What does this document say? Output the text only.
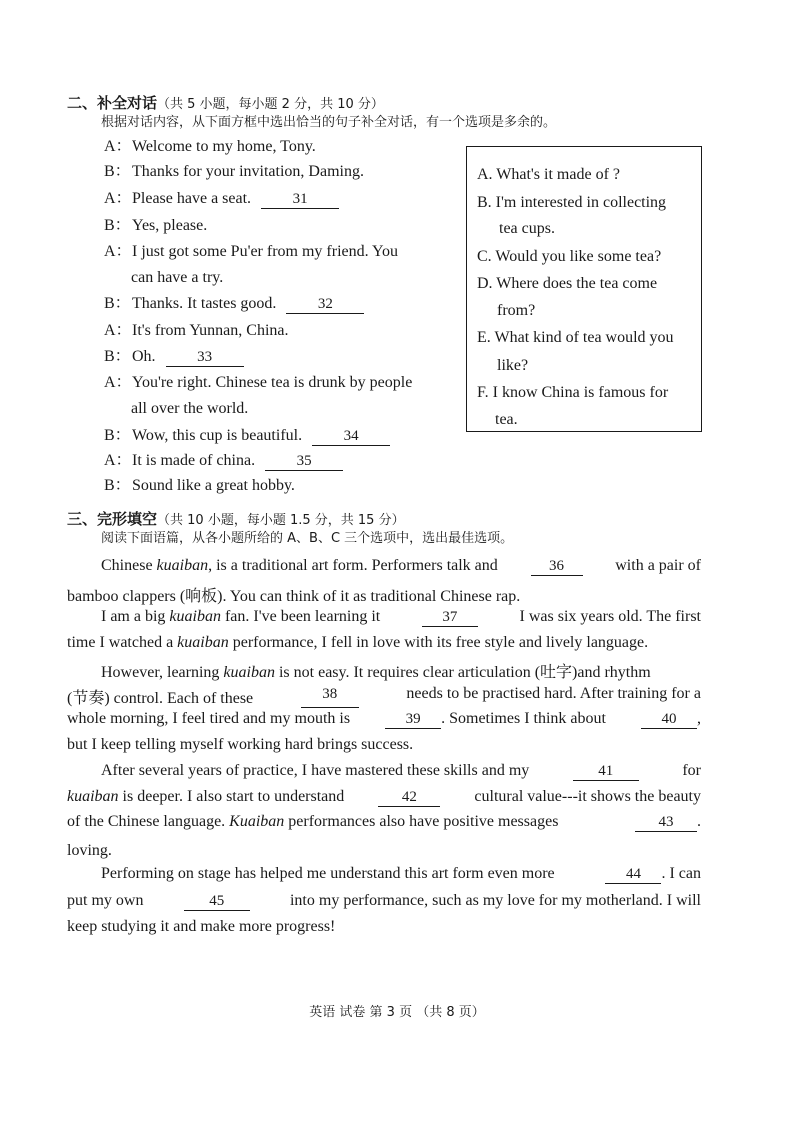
二、补全对话（共 5 小题，每小题 2 分，共 10 分）
根据对话内容，从下面方框中选出恰当的句子补全对话，有一个选项是多余的。
A：Welcome to my home, Tony.
B：Thanks for your invitation, Daming.
A：Please have a seat.	31
B：Yes, please.
A：I just got some Pu'er from my friend. You
can have a try.
B：Thanks. It tastes good.	32
A：It's from Yunnan, China.
B：Oh.	33
A：You're right. Chinese tea is drunk by people
all over the world.
B：Wow, this cup is beautiful.	34
A：It is made of china.	35
B：Sound like a great hobby.
A. What's it made of ?
B. I'm interested in collecting
tea cups.
C. Would you like some tea?
D. Where does the tea come
from?
E. What kind of tea would you
like?
F. I know China is famous for
tea.
三、完形填空（共 10 小题，每小题 1.5 分，共 15 分）
阅读下面语篇，从各小题所给的 A、B、C 三个选项中，选出最佳选项。
Chinese kuaiban, is a traditional art form. Performers talk and	36	with a pair of
bamboo clappers (响板). You can think of it as traditional Chinese rap.
I am a big kuaiban fan. I've been learning it	37	I was six years old. The first
time I watched a kuaiban performance, I fell in love with its free style and lively language.
However, learning kuaiban is not easy. It requires clear articulation (吐字)and rhythm
(节奏) control. Each of these	38	needs to be practised hard. After training for a
whole morning, I feel tired and my mouth is	39 . Sometimes I think about	40 ,
but I keep telling myself working hard brings success.
After several years of practice, I have mastered these skills and my	41	for
kuaiban is deeper. I also start to understand	42	cultural value---it shows the beauty
of the Chinese language. Kuaiban performances also have positive messages	43 .
loving.
Performing on stage has helped me understand this art form even more	44 . I can
put my own	45	into my performance, such as my love for my motherland. I will
keep studying it and make more progress!
英语 试卷 第 3 页 （共 8 页）
